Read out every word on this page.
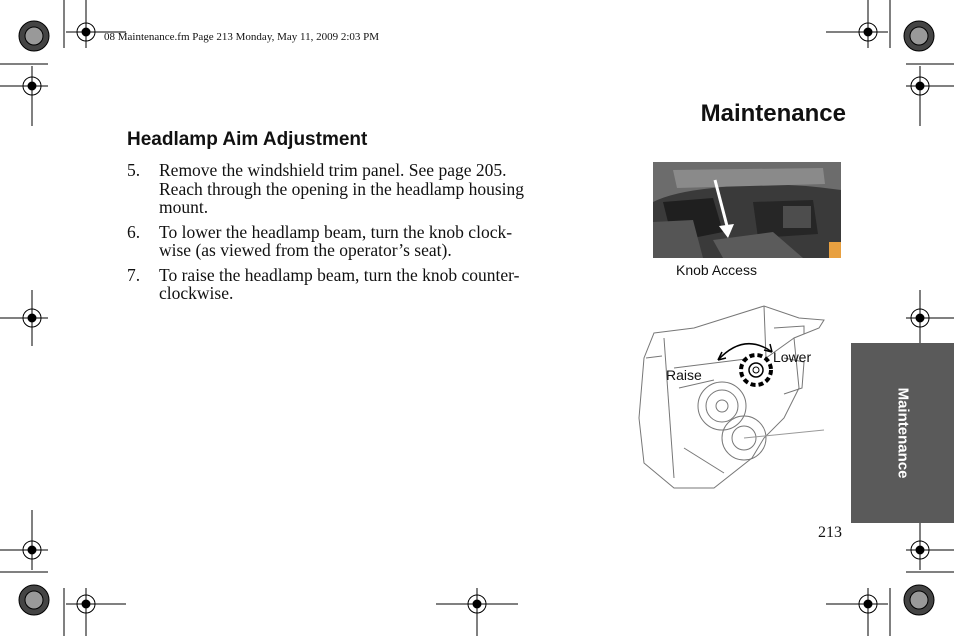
08 Maintenance.fm Page 213 Monday, May 11, 2009 2:03 PM
Maintenance
Headlamp Aim Adjustment
5.	Remove the windshield trim panel. See page 205.
Reach through the opening in the headlamp housing
mount.
6.	To lower the headlamp beam, turn the knob clock-
wise (as viewed from the operator’s seat).
7.	To raise the headlamp beam, turn the knob counter-
clockwise.
Knob Access
Lower
Raise
Maintenance
213
